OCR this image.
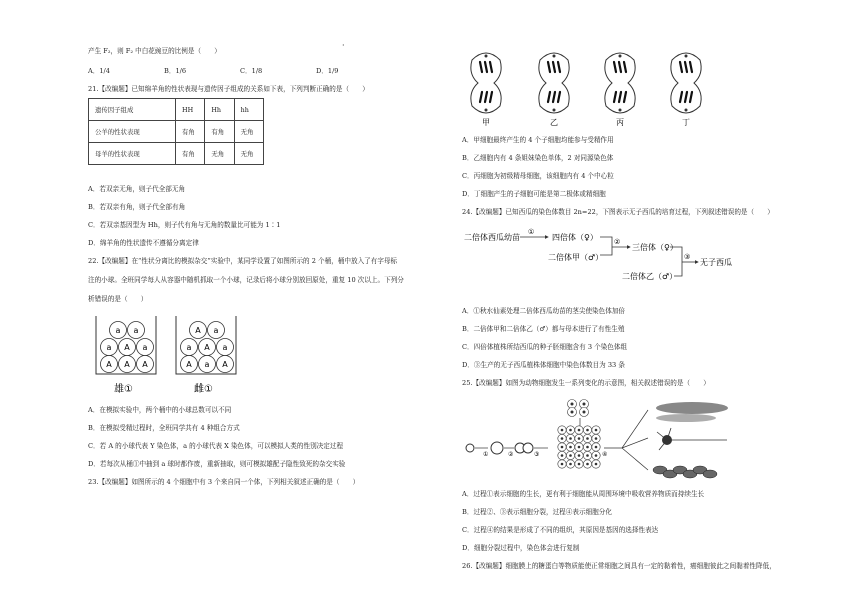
·
产生 F₂，则 F₂ 中白花豌豆的比例是（　　）
A．1/4	B．1/6	C．1/8	D．1/9
21.【改编题】已知绵羊角的性状表现与遗传因子组成的关系如下表，下列判断正确的是（　　）
遗传因子组成	HH	Hh	hh
公羊的性状表现	有角	有角	无角
母羊的性状表现	有角	无角	无角
A．若双亲无角，则子代全部无角
B．若双亲有角，则子代全部有角
C．若双亲基因型为 Hh，则子代有角与无角的数量比可能为 1∶1
D．绵羊角的性状遗传不遵循分离定律
22.【改编题】在“性状分离比的模拟杂交”实验中，某同学设置了如图所示的 2 个桶，桶中放入了有字母标
注的小球。全班同学每人从容器中随机抓取一个小球，记录后将小球分别放回原处，重复 10 次以上。下列分
析错误的是（　　）
A A A
a A a
a a
A a A
a A a
A a
雄①	雌①
A．在模拟实验中，两个桶中的小球总数可以不同
B．在模拟受精过程时，全班同学共有 4 种组合方式
C．若 A 的小球代表 Y 染色体，a 的小球代表 X 染色体，可以模拟人类的性别决定过程
D．若每次从桶①中抽到 a 球时都作废，重新抽取，则可模拟雄配子隐性致死的杂交实验
23.【改编题】如图所示的 4 个细胞中有 3 个来自同一个体，下列相关叙述正确的是（　　）
甲	乙	丙	丁
A．甲细胞最终产生的 4 个子细胞均能参与受精作用
B．乙细胞内有 4 条姐妹染色单体，2 对同源染色体
C．丙细胞为初级精母细胞，该细胞内有 4 个中心粒
D．丁细胞产生的子细胞可能是第二极体或精细胞
24.【改编题】已知西瓜的染色体数目 2n=22，下图表示无子西瓜的培育过程，下列叙述错误的是（　　）
二倍体西瓜幼苗
①
四倍体（♀） ②
三倍体（♀）
二倍体甲（♂）	③
无子西瓜
二倍体乙（♂）
A．①秋水仙素处理二倍体西瓜幼苗的茎尖使染色体加倍
B．二倍体甲和二倍体乙（♂）都与母本进行了有性生殖
C．四倍体植株所结西瓜的种子胚细胞含有 3 个染色体组
D．③生产的无子西瓜植株体细胞中染色体数目为 33 条
25.【改编题】如图为动物细胞发生一系列变化的示意图，相关叙述错误的是（　　）
①	②	③	④
A．过程①表示细胞的生长，更有利于细胞能从周围环境中吸收营养物质而持续生长
B．过程②、③表示细胞分裂，过程④表示细胞分化
C．过程④的结果是形成了不同的组织，其原因是基因的选择性表达
D．细胞分裂过程中，染色体会进行复制
26.【改编题】细胞膜上的糖蛋白等物质能使正常细胞之间具有一定的黏着性，癌细胞彼此之间黏着性降低，
